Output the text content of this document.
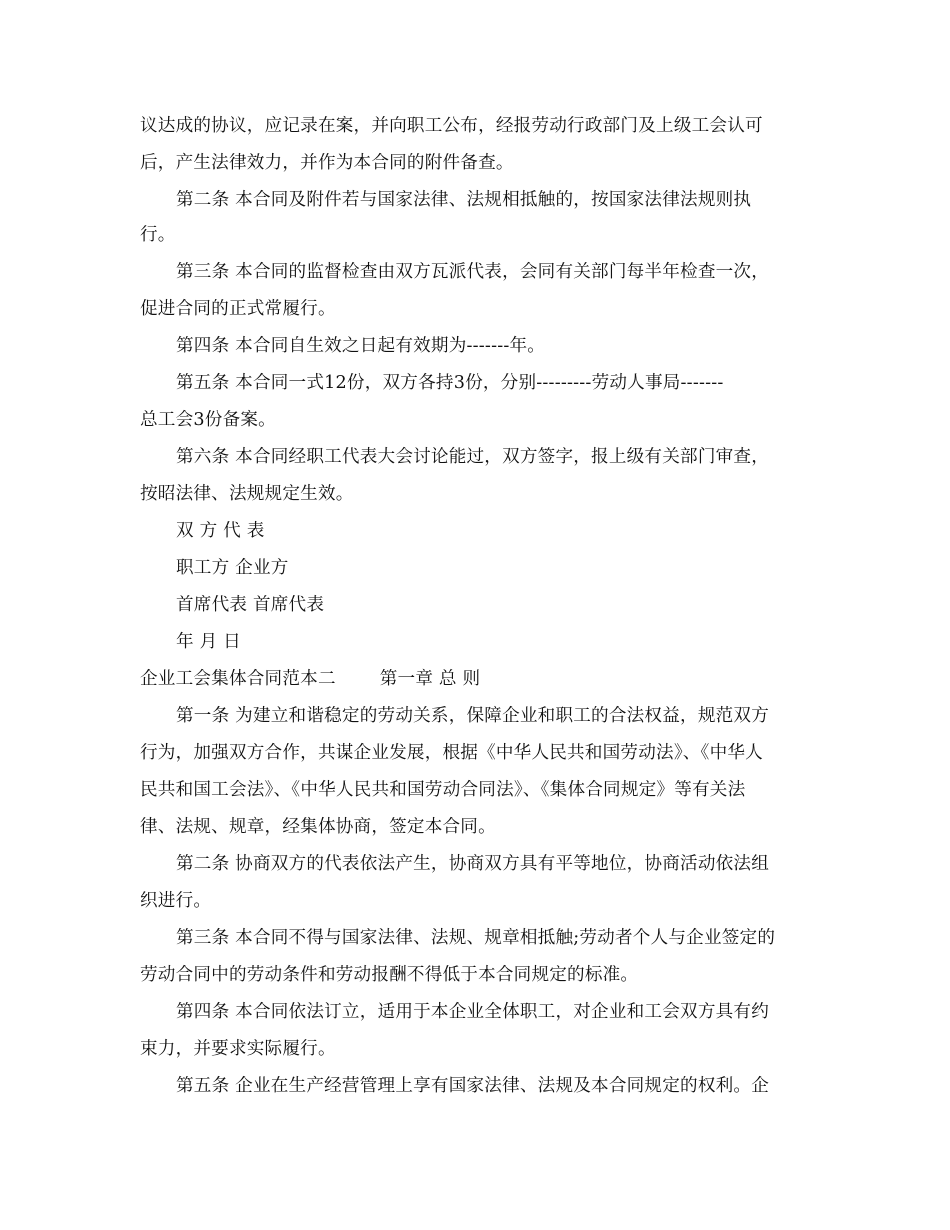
议达成的协议，应记录在案，并向职工公布，经报劳动行政部门及上级工会认可
后，产生法律效力，并作为本合同的附件备查。
第二条 本合同及附件若与国家法律、法规相抵触的，按国家法律法规则执
行。
第三条 本合同的监督检查由双方瓦派代表，会同有关部门每半年检查一次，
促进合同的正式常履行。
第四条 本合同自生效之日起有效期为-------年。
第五条 本合同一式12份，双方各持3份，分别---------劳动人事局-------
总工会3份备案。
第六条 本合同经职工代表大会讨论能过，双方签字，报上级有关部门审查，
按昭法律、法规规定生效。
双 方 代 表
职工方 企业方
首席代表 首席代表
年 月 日
企业工会集体合同范本二	第一章 总 则
第一条 为建立和谐稳定的劳动关系，保障企业和职工的合法权益，规范双方
行为，加强双方合作，共谋企业发展，根据《中华人民共和国劳动法》、《中华人
民共和国工会法》、《中华人民共和国劳动合同法》、《集体合同规定》等有关法
律、法规、规章，经集体协商，签定本合同。
第二条 协商双方的代表依法产生，协商双方具有平等地位，协商活动依法组
织进行。
第三条 本合同不得与国家法律、法规、规章相抵触;劳动者个人与企业签定的
劳动合同中的劳动条件和劳动报酬不得低于本合同规定的标准。
第四条 本合同依法订立，适用于本企业全体职工，对企业和工会双方具有约
束力，并要求实际履行。
第五条 企业在生产经营管理上享有国家法律、法规及本合同规定的权利。企
